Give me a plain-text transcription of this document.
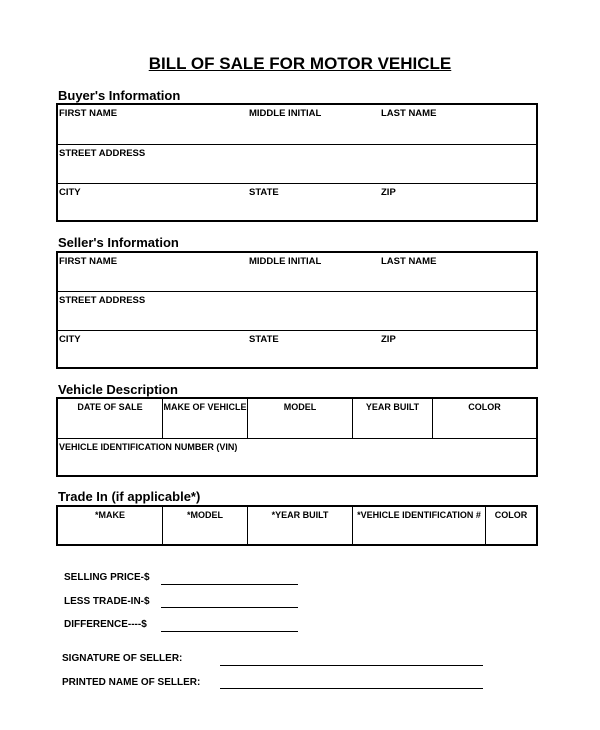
BILL OF SALE FOR MOTOR VEHICLE
Buyer's Information
FIRST NAME	MIDDLE INITIAL	LAST NAME
STREET ADDRESS
CITY	STATE	ZIP
Seller's Information
FIRST NAME	MIDDLE INITIAL	LAST NAME
STREET ADDRESS
CITY	STATE	ZIP
Vehicle Description
DATE OF SALE	MAKE OF VEHICLE	MODEL	YEAR BUILT	COLOR
VEHICLE IDENTIFICATION NUMBER (VIN)
Trade In (if applicable*)
*MAKE	*MODEL	*YEAR BUILT	*VEHICLE IDENTIFICATION #	COLOR
SELLING PRICE-$
LESS TRADE-IN-$
DIFFERENCE----$
SIGNATURE OF SELLER:
PRINTED NAME OF SELLER:
